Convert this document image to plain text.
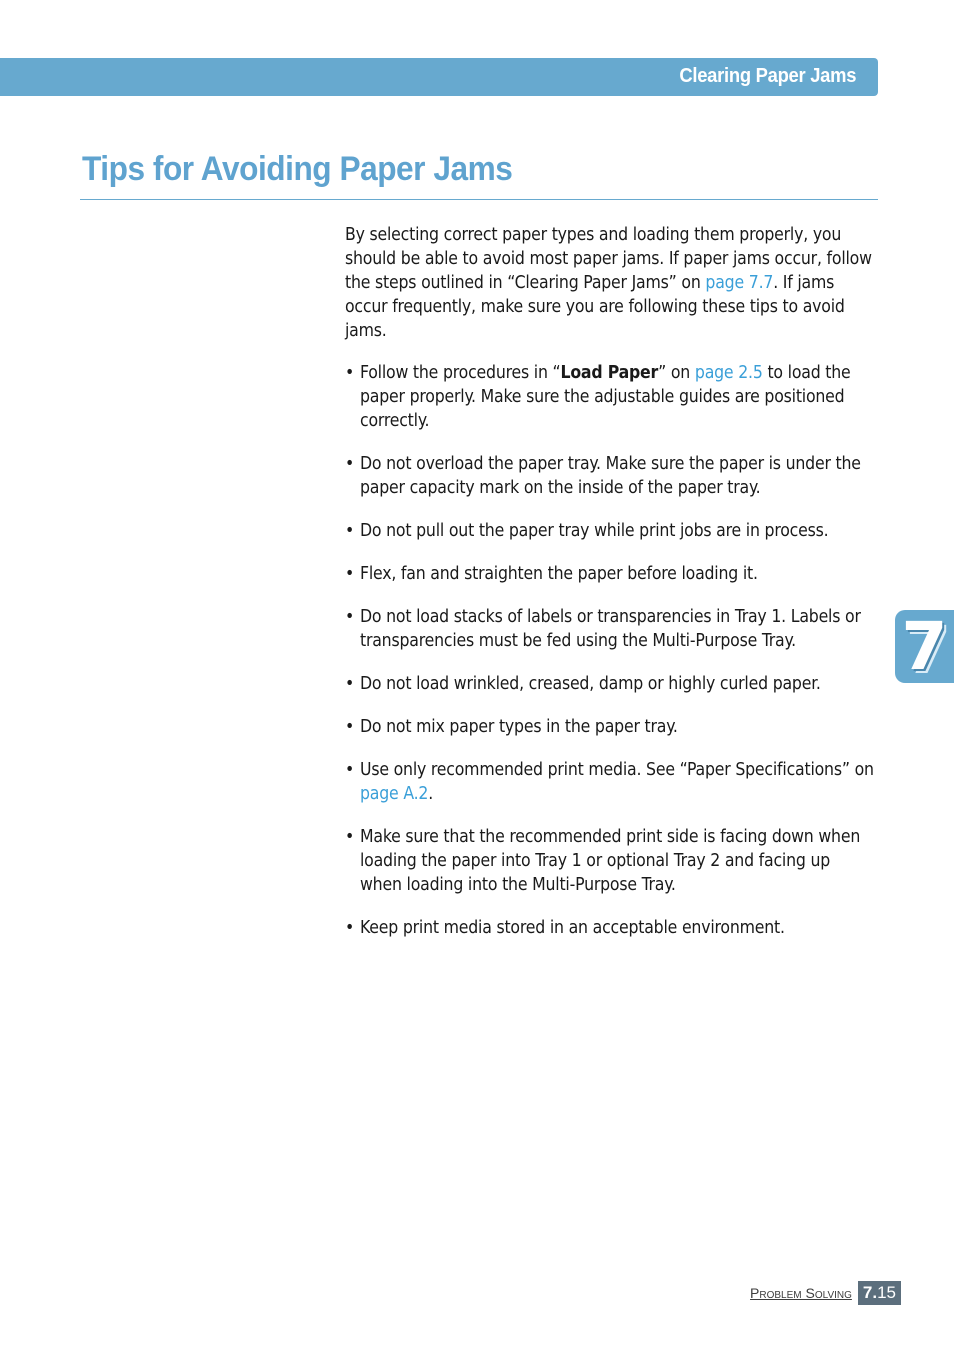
Clearing Paper Jams
Tips for Avoiding Paper Jams

By selecting correct paper types and loading them properly, you should be able to avoid most paper jams. If paper jams occur, follow the steps outlined in “Clearing Paper Jams” on page 7.7. If jams occur frequently, make sure you are following these tips to avoid jams.

• Follow the procedures in “Load Paper” on page 2.5 to load the paper properly. Make sure the adjustable guides are positioned correctly.
• Do not overload the paper tray. Make sure the paper is under the paper capacity mark on the inside of the paper tray.
• Do not pull out the paper tray while print jobs are in process.
• Flex, fan and straighten the paper before loading it.
• Do not load stacks of labels or transparencies in Tray 1. Labels or transparencies must be fed using the Multi-Purpose Tray.
• Do not load wrinkled, creased, damp or highly curled paper.
• Do not mix paper types in the paper tray.
• Use only recommended print media. See “Paper Specifications” on page A.2.
• Make sure that the recommended print side is facing down when loading the paper into Tray 1 or optional Tray 2 and facing up when loading into the Multi-Purpose Tray.
• Keep print media stored in an acceptable environment.
7
Problem Solving 7.15
